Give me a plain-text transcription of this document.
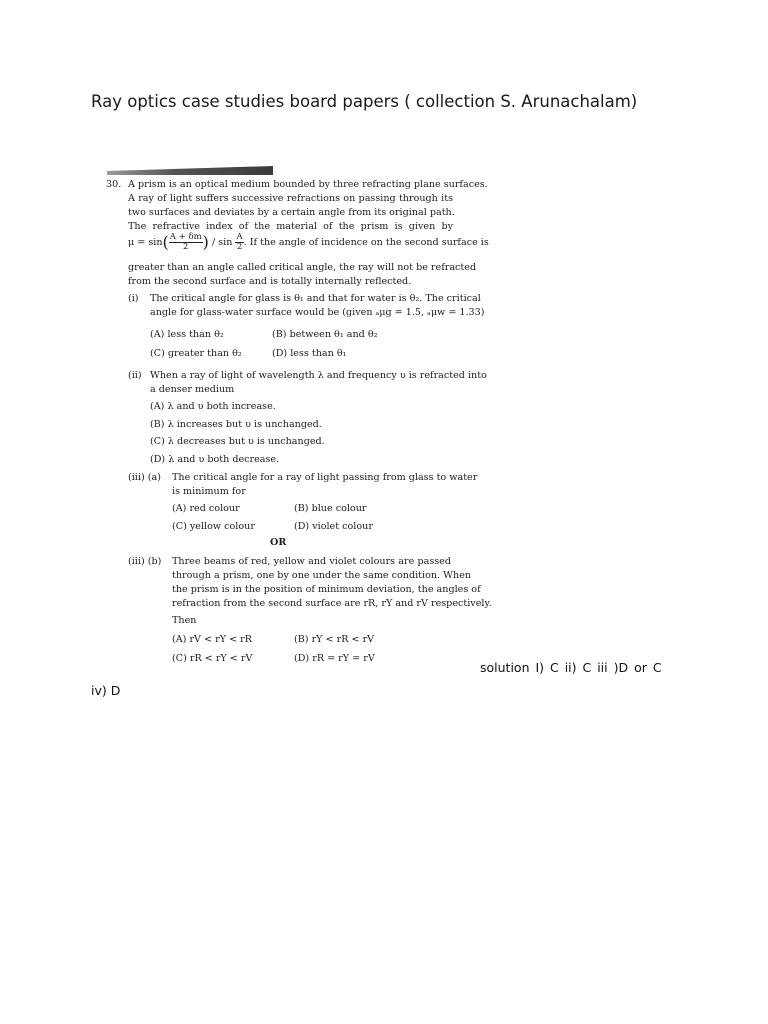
Ray optics case studies board papers ( collection S. Arunachalam)
30. A prism is an optical medium bounded by three refracting plane surfaces.
A ray of light suffers successive refractions on passing through its
two surfaces and deviates by a certain angle from its original path.
The refractive index of the material of the prism is given by
$\mu = \sin( \frac{A + \delta m}{2}$ ) / $\sin \frac{A}{2}$ . If the angle of incidence on the second surface is
greater than an angle called critical angle, the ray will not be refracted
from the second surface and is totally internally reflected.
(i) The critical angle for glass is θ₁ and that for water is θ₂. The critical
angle for glass-water surface would be (given ₐμg = 1.5, ₐμw = 1.33)
(A) less than θ₂	(B) between θ₁ and θ₂
(C) greater than θ₂	(D) less than θ₁
(ii) When a ray of light of wavelength λ and frequency υ is refracted into
a denser medium
(A) λ and υ both increase.
(B) λ increases but υ is unchanged.
(C) λ decreases but υ is unchanged.
(D) λ and υ both decrease.
(iii) (a) The critical angle for a ray of light passing from glass to water
is minimum for
(A) red colour	(B) blue colour
(C) yellow colour	(D) violet colour
OR
(iii) (b) Three beams of red, yellow and violet colours are passed
through a prism, one by one under the same condition. When
the prism is in the position of minimum deviation, the angles of
refraction from the second surface are rR, rY and rV respectively.
Then
(A) rV < rY < rR	(B) rY < rR < rV
(C) rR < rY < rV	(D) rR = rY = rV
solution I) C ii) C iii )D or C
iv) D
